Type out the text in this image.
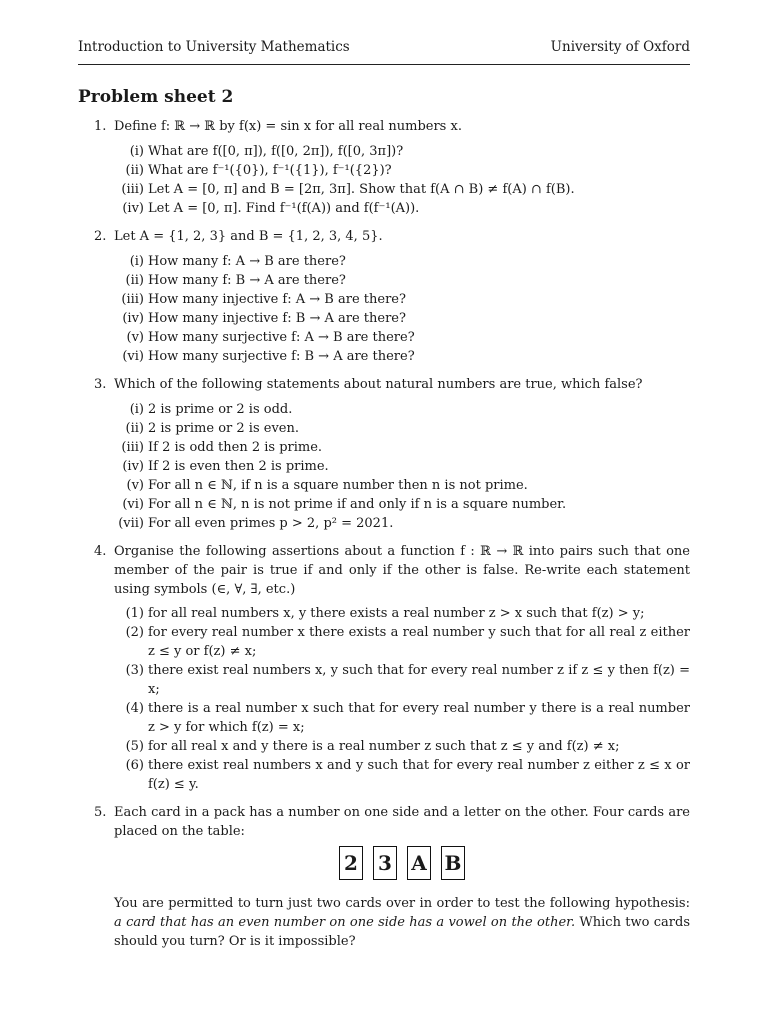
Introduction to University Mathematics	University of Oxford
Problem sheet 2
1. Define f: ℝ → ℝ by f(x) = sin x for all real numbers x.

(i) What are f([0, π]), f([0, 2π]), f([0, 3π])?
(ii) What are f⁻¹({0}), f⁻¹({1}), f⁻¹({2})?
(iii) Let A = [0, π] and B = [2π, 3π]. Show that f(A ∩ B) ≠ f(A) ∩ f(B).
(iv) Let A = [0, π]. Find f⁻¹(f(A)) and f(f⁻¹(A)).
2. Let A = {1, 2, 3} and B = {1, 2, 3, 4, 5}.

(i) How many f: A → B are there?
(ii) How many f: B → A are there?
(iii) How many injective f: A → B are there?
(iv) How many injective f: B → A are there?
(v) How many surjective f: A → B are there?
(vi) How many surjective f: B → A are there?
3. Which of the following statements about natural numbers are true, which false?

(i) 2 is prime or 2 is odd.
(ii) 2 is prime or 2 is even.
(iii) If 2 is odd then 2 is prime.
(iv) If 2 is even then 2 is prime.
(v) For all n ∈ ℕ, if n is a square number then n is not prime.
(vi) For all n ∈ ℕ, n is not prime if and only if n is a square number.
(vii) For all even primes p > 2, p² = 2021.
4. Organise the following assertions about a function f : ℝ → ℝ into pairs such that one member of the pair is true if and only if the other is false. Re-write each statement using symbols (∈, ∀, ∃, etc.)

(1) for all real numbers x, y there exists a real number z > x such that f(z) > y;
(2) for every real number x there exists a real number y such that for all real z either z ≤ y or f(z) ≠ x;
(3) there exist real numbers x, y such that for every real number z if z ≤ y then f(z) = x;
(4) there is a real number x such that for every real number y there is a real number z > y for which f(z) = x;
(5) for all real x and y there is a real number z such that z ≤ y and f(z) ≠ x;
(6) there exist real numbers x and y such that for every real number z either z ≤ x or f(z) ≤ y.
5. Each card in a pack has a number on one side and a letter on the other. Four cards are placed on the table:

2 3 A B

You are permitted to turn just two cards over in order to test the following hypothesis: a card that has an even number on one side has a vowel on the other. Which two cards should you turn? Or is it impossible?
